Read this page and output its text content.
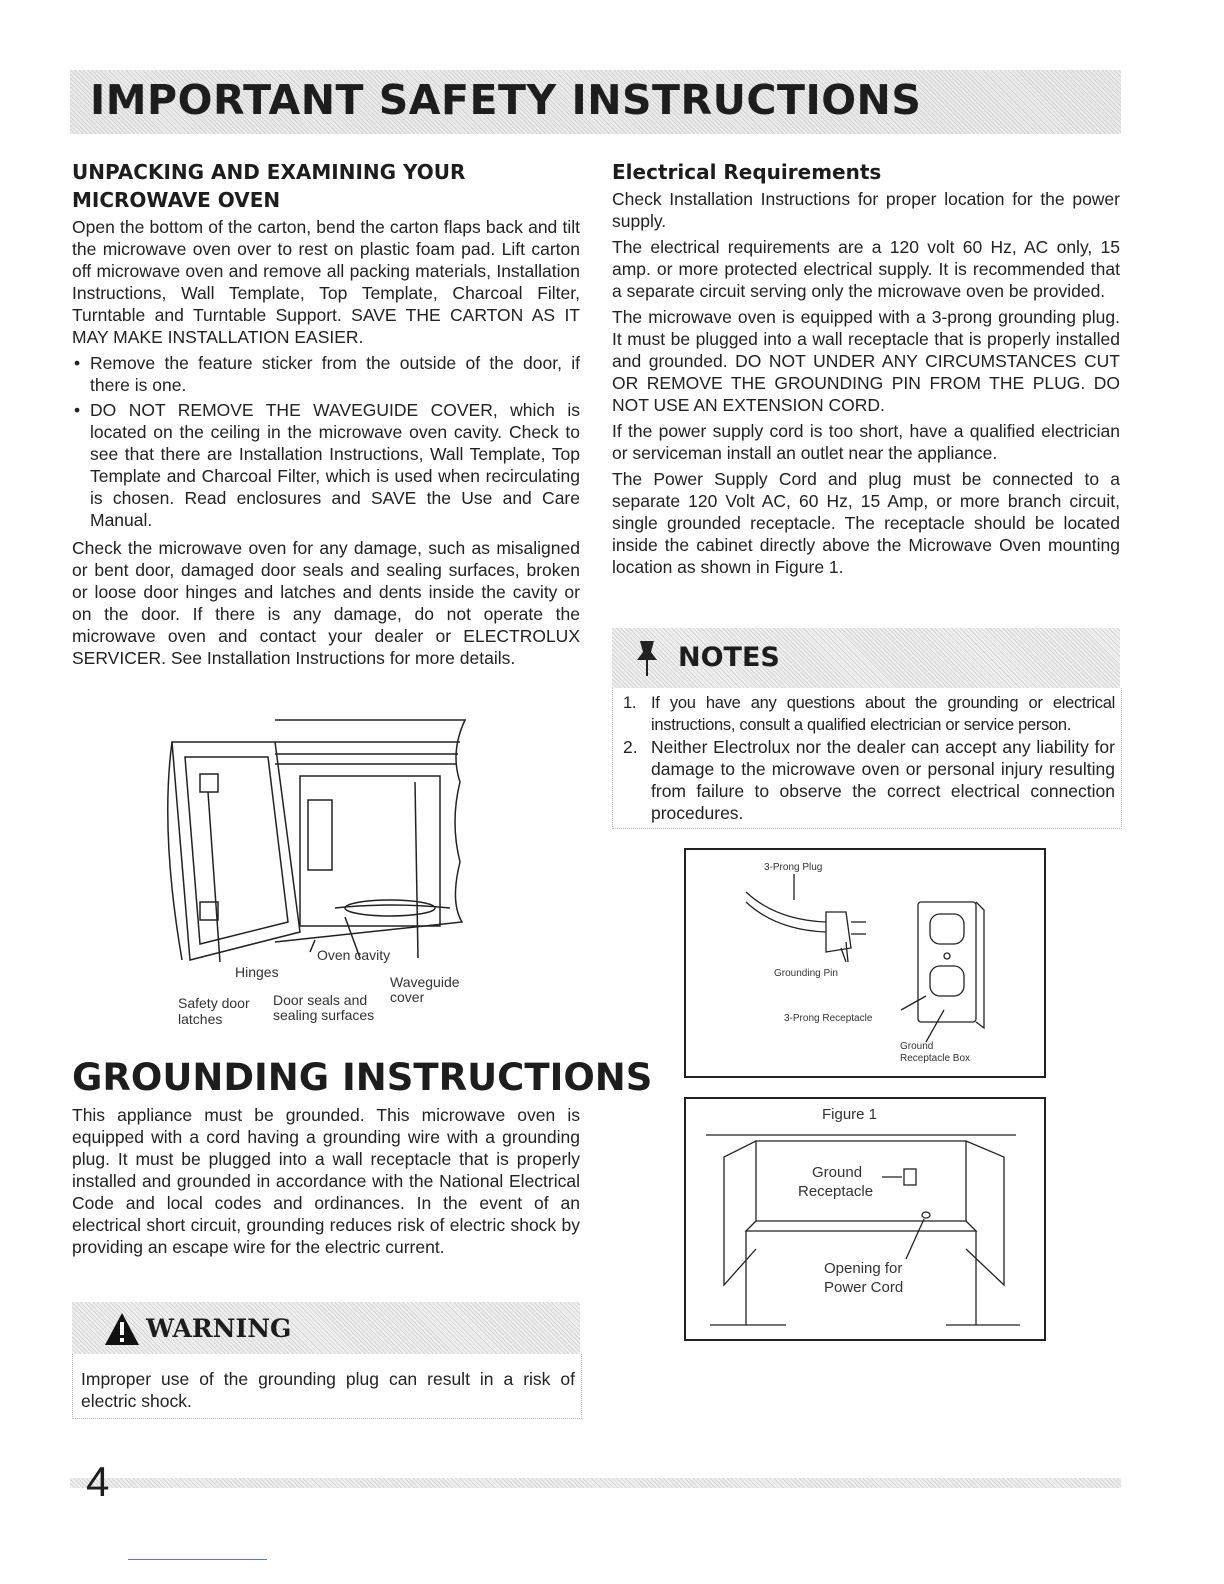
IMPORTANT SAFETY INSTRUCTIONS
UNPACKING AND EXAMINING YOUR MICROWAVE OVEN

Open the bottom of the carton, bend the carton flaps back and tilt the microwave oven over to rest on plastic foam pad. Lift carton off microwave oven and remove all packing materials, Installation Instructions, Wall Template, Top Template, Charcoal Filter, Turntable and Turntable Support. SAVE THE CARTON AS IT MAY MAKE INSTALLATION EASIER.

• Remove the feature sticker from the outside of the door, if there is one.
• DO NOT REMOVE THE WAVEGUIDE COVER, which is located on the ceiling in the microwave oven cavity. Check to see that there are Installation Instructions, Wall Template, Top Template and Charcoal Filter, which is used when recirculating is chosen. Read enclosures and SAVE the Use and Care Manual.

Check the microwave oven for any damage, such as misaligned or bent door, damaged door seals and sealing surfaces, broken or loose door hinges and latches and dents inside the cavity or on the door. If there is any damage, do not operate the microwave oven and contact your dealer or ELECTROLUX SERVICER. See Installation Instructions for more details.

Oven cavity
Hinges
Waveguide
cover
Safety door
latches
Door seals and
sealing surfaces
GROUNDING INSTRUCTIONS

This appliance must be grounded. This microwave oven is equipped with a cord having a grounding wire with a grounding plug. It must be plugged into a wall receptacle that is properly installed and grounded in accordance with the National Electrical Code and local codes and ordinances. In the event of an electrical short circuit, grounding reduces risk of electric shock by providing an escape wire for the electric current.

WARNING

Improper use of the grounding plug can result in a risk of electric shock.

Electrical Requirements

Check Installation Instructions for proper location for the power supply.

The electrical requirements are a 120 volt 60 Hz, AC only, 15 amp. or more protected electrical supply. It is recommended that a separate circuit serving only the microwave oven be provided.

The microwave oven is equipped with a 3-prong grounding plug. It must be plugged into a wall receptacle that is properly installed and grounded. DO NOT UNDER ANY CIRCUMSTANCES CUT OR REMOVE THE GROUNDING PIN FROM THE PLUG. DO NOT USE AN EXTENSION CORD.

If the power supply cord is too short, have a qualified electrician or serviceman install an outlet near the appliance.

The Power Supply Cord and plug must be connected to a separate 120 Volt AC, 60 Hz, 15 Amp, or more branch circuit, single grounded receptacle. The receptacle should be located inside the cabinet directly above the Microwave Oven mounting location as shown in Figure 1.

NOTES
1. If you have any questions about the grounding or electrical instructions, consult a qualified electrician or service person.
2. Neither Electrolux nor the dealer can accept any liability for damage to the microwave oven or personal injury resulting from failure to observe the correct electrical connection procedures.
3-Prong Plug
Grounding Pin
3-Prong Receptacle
Ground
Receptacle Box
Figure 1
Ground
Receptacle
Opening for
Power Cord
4
